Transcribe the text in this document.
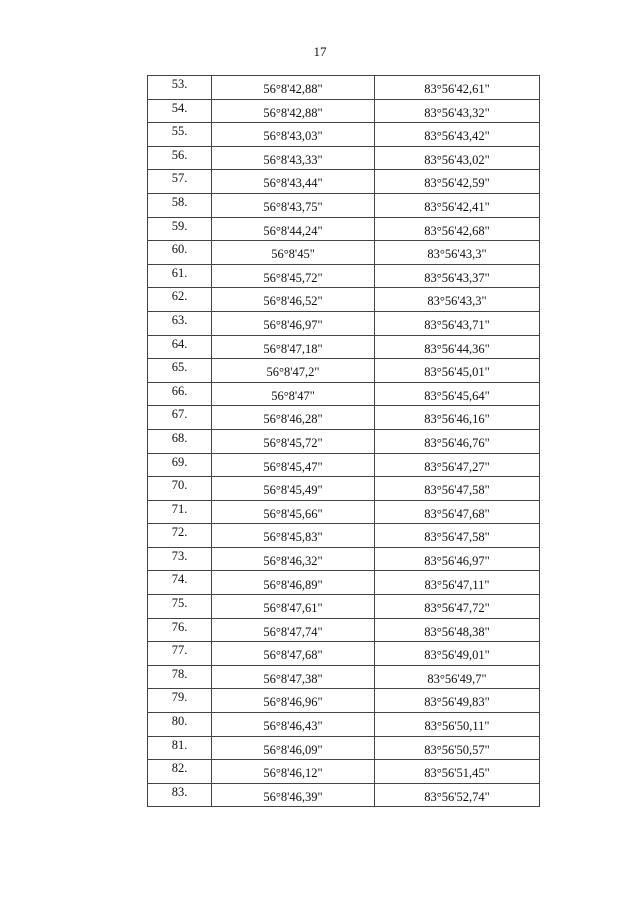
17
53.	56°8'42,88"	83°56'42,61"
54.	56°8'42,88"	83°56'43,32"
55.	56°8'43,03"	83°56'43,42"
56.	56°8'43,33"	83°56'43,02"
57.	56°8'43,44"	83°56'42,59"
58.	56°8'43,75"	83°56'42,41"
59.	56°8'44,24"	83°56'42,68"
60.	56°8'45"	83°56'43,3"
61.	56°8'45,72"	83°56'43,37"
62.	56°8'46,52"	83°56'43,3"
63.	56°8'46,97"	83°56'43,71"
64.	56°8'47,18"	83°56'44,36"
65.	56°8'47,2"	83°56'45,01"
66.	56°8'47"	83°56'45,64"
67.	56°8'46,28"	83°56'46,16"
68.	56°8'45,72"	83°56'46,76"
69.	56°8'45,47"	83°56'47,27"
70.	56°8'45,49"	83°56'47,58"
71.	56°8'45,66"	83°56'47,68"
72.	56°8'45,83"	83°56'47,58"
73.	56°8'46,32"	83°56'46,97"
74.	56°8'46,89"	83°56'47,11"
75.	56°8'47,61"	83°56'47,72"
76.	56°8'47,74"	83°56'48,38"
77.	56°8'47,68"	83°56'49,01"
78.	56°8'47,38"	83°56'49,7"
79.	56°8'46,96"	83°56'49,83"
80.	56°8'46,43"	83°56'50,11"
81.	56°8'46,09"	83°56'50,57"
82.	56°8'46,12"	83°56'51,45"
83.	56°8'46,39"	83°56'52,74"
